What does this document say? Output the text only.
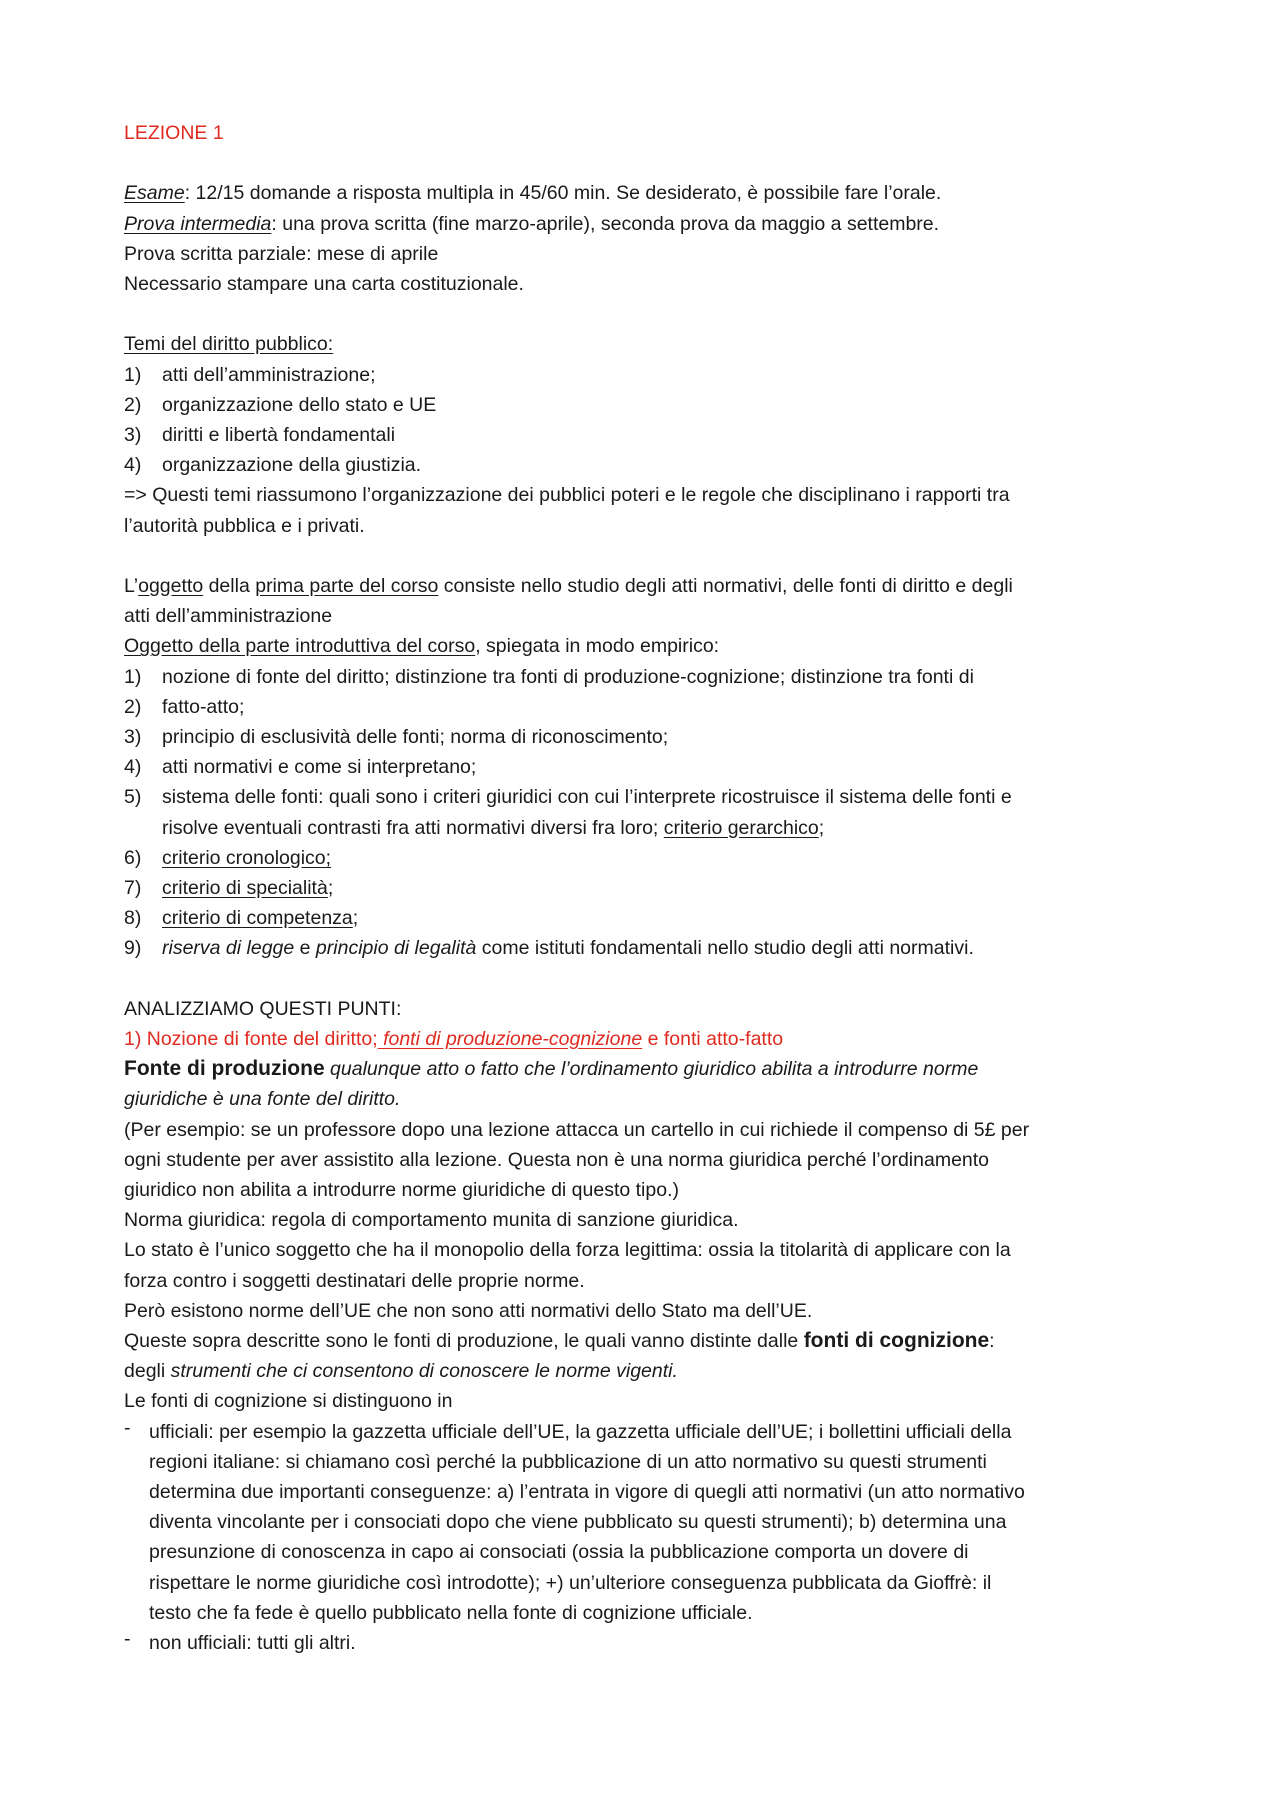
LEZIONE 1
Esame: 12/15 domande a risposta multipla in 45/60 min. Se desiderato, è possibile fare l’orale.
Prova intermedia: una prova scritta (fine marzo-aprile), seconda prova da maggio a settembre.
Prova scritta parziale: mese di aprile
Necessario stampare una carta costituzionale.
Temi del diritto pubblico:
1) atti dell’amministrazione;
2) organizzazione dello stato e UE
3) diritti e libertà fondamentali
4) organizzazione della giustizia.
=> Questi temi riassumono l’organizzazione dei pubblici poteri e le regole che disciplinano i rapporti tra
l’autorità pubblica e i privati.
L’oggetto della prima parte del corso consiste nello studio degli atti normativi, delle fonti di diritto e degli
atti dell’amministrazione
Oggetto della parte introduttiva del corso, spiegata in modo empirico:
1) nozione di fonte del diritto; distinzione tra fonti di produzione-cognizione; distinzione tra fonti di
2) fatto-atto;
3) principio di esclusività delle fonti; norma di riconoscimento;
4) atti normativi e come si interpretano;
5) sistema delle fonti: quali sono i criteri giuridici con cui l’interprete ricostruisce il sistema delle fonti e
risolve eventuali contrasti fra atti normativi diversi fra loro; criterio gerarchico;
6) criterio cronologico;
7) criterio di specialità;
8) criterio di competenza;
9) riserva di legge e principio di legalità come istituti fondamentali nello studio degli atti normativi.
ANALIZZIAMO QUESTI PUNTI:
1) Nozione di fonte del diritto; fonti di produzione-cognizione e fonti atto-fatto
Fonte di produzione qualunque atto o fatto che l’ordinamento giuridico abilita a introdurre norme
giuridiche è una fonte del diritto.
(Per esempio: se un professore dopo una lezione attacca un cartello in cui richiede il compenso di 5£ per
ogni studente per aver assistito alla lezione. Questa non è una norma giuridica perché l’ordinamento
giuridico non abilita a introdurre norme giuridiche di questo tipo.)
Norma giuridica: regola di comportamento munita di sanzione giuridica.
Lo stato è l’unico soggetto che ha il monopolio della forza legittima: ossia la titolarità di applicare con la
forza contro i soggetti destinatari delle proprie norme.
Però esistono norme dell’UE che non sono atti normativi dello Stato ma dell’UE.
Queste sopra descritte sono le fonti di produzione, le quali vanno distinte dalle fonti di cognizione:
degli strumenti che ci consentono di conoscere le norme vigenti.
Le fonti di cognizione si distinguono in
- ufficiali: per esempio la gazzetta ufficiale dell’UE, la gazzetta ufficiale dell’UE; i bollettini ufficiali della
regioni italiane: si chiamano così perché la pubblicazione di un atto normativo su questi strumenti
determina due importanti conseguenze: a) l’entrata in vigore di quegli atti normativi (un atto normativo
diventa vincolante per i consociati dopo che viene pubblicato su questi strumenti); b) determina una
presunzione di conoscenza in capo ai consociati (ossia la pubblicazione comporta un dovere di
rispettare le norme giuridiche così introdotte); +) un’ulteriore conseguenza pubblicata da Gioffrè: il
testo che fa fede è quello pubblicato nella fonte di cognizione ufficiale.
- non ufficiali: tutti gli altri.
